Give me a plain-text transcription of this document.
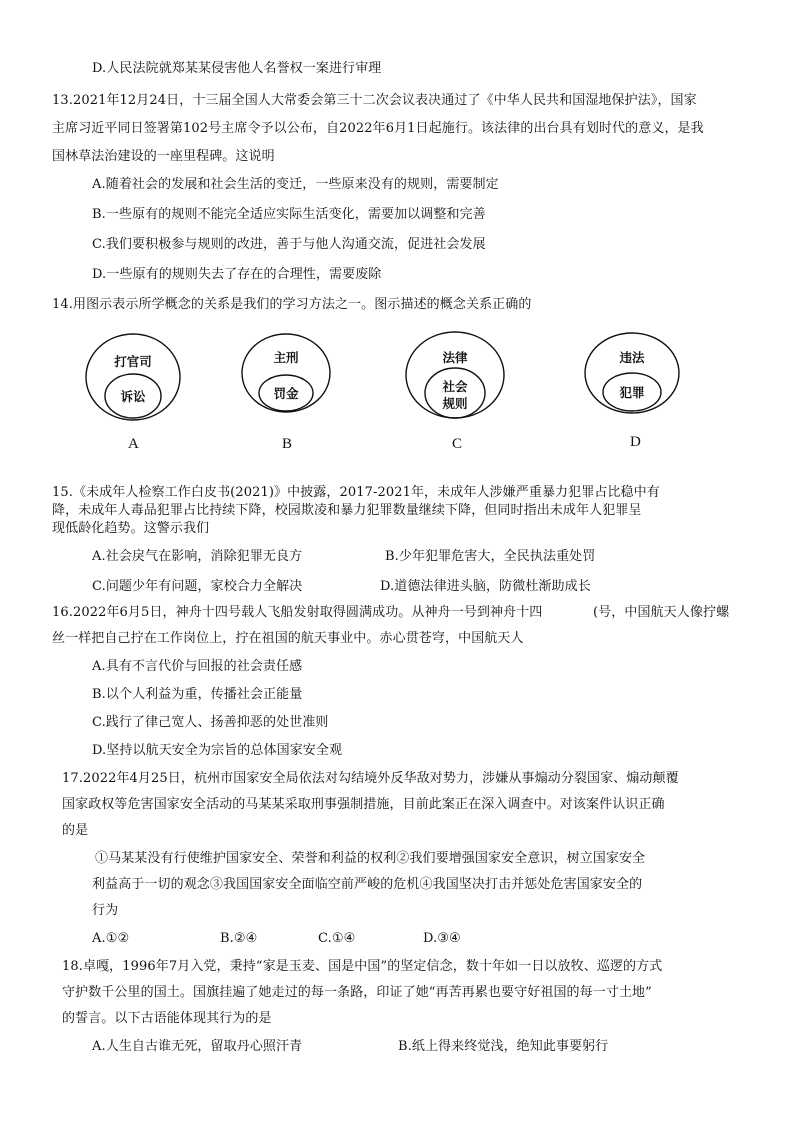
D.人民法院就郑某某侵害他人名誉权一案进行审理
13.2021年12月24日，十三届全国人大常委会第三十二次会议表决通过了《中华人民共和国湿地保护法》，国家
主席习近平同日签署第102号主席令予以公布，自2022年6月1日起施行。该法律的出台具有划时代的意义，是我
国林草法治建设的一座里程碑。这说明
A.随着社会的发展和社会生活的变迁，一些原来没有的规则，需要制定
B.一些原有的规则不能完全适应实际生活变化，需要加以调整和完善
C.我们要积极参与规则的改进，善于与他人沟通交流，促进社会发展
D.一些原有的规则失去了存在的合理性，需要废除
14.用图示表示所学概念的关系是我们的学习方法之一。图示描述的概念关系正确的
打官司
诉讼
主刑
罚金
法律
社会
规则
违法
犯罪
A	B	C	D
15.《未成年人检察工作白皮书(2021)》中披露，2017-2021年，未成年人涉嫌严重暴力犯罪占比稳中有
降，未成年人毒品犯罪占比持续下降，校园欺凌和暴力犯罪数量继续下降，但同时指出未成年人犯罪呈
现低龄化趋势。这警示我们
A.社会戾气在影响，消除犯罪无良方	B.少年犯罪危害大，全民执法重处罚
C.问题少年有问题，家校合力全解决	D.道德法律进头脑，防微杜渐助成长
16.2022年6月5日，神舟十四号载人飞船发射取得圆满成功。从神舟一号到神舟十四	(号，中国航天人像拧螺
丝一样把自己拧在工作岗位上，拧在祖国的航天事业中。赤心贯苍穹，中国航天人
A.具有不言代价与回报的社会责任感
B.以个人利益为重，传播社会正能量
C.践行了律己宽人、扬善抑恶的处世准则
D.坚持以航天安全为宗旨的总体国家安全观
17.2022年4月25日，杭州市国家安全局依法对勾结境外反华敌对势力，涉嫌从事煽动分裂国家、煽动颠覆
国家政权等危害国家安全活动的马某某采取刑事强制措施，目前此案正在深入调查中。对该案件认识正确
的是
①马某某没有行使维护国家安全、荣誉和利益的权利②我们要增强国家安全意识，树立国家安全
利益高于一切的观念③我国国家安全面临空前严峻的危机④我国坚决打击并惩处危害国家安全的
行为
A.①②	B.②④	C.①④	D.③④
18.卓嘎，1996年7月入党，秉持“家是玉麦、国是中国”的坚定信念，数十年如一日以放牧、巡逻的方式
守护数千公里的国土。国旗挂遍了她走过的每一条路，印证了她“再苦再累也要守好祖国的每一寸土地”
的誓言。以下古语能体现其行为的是
A.人生自古谁无死，留取丹心照汗青	B.纸上得来终觉浅，绝知此事要躬行
